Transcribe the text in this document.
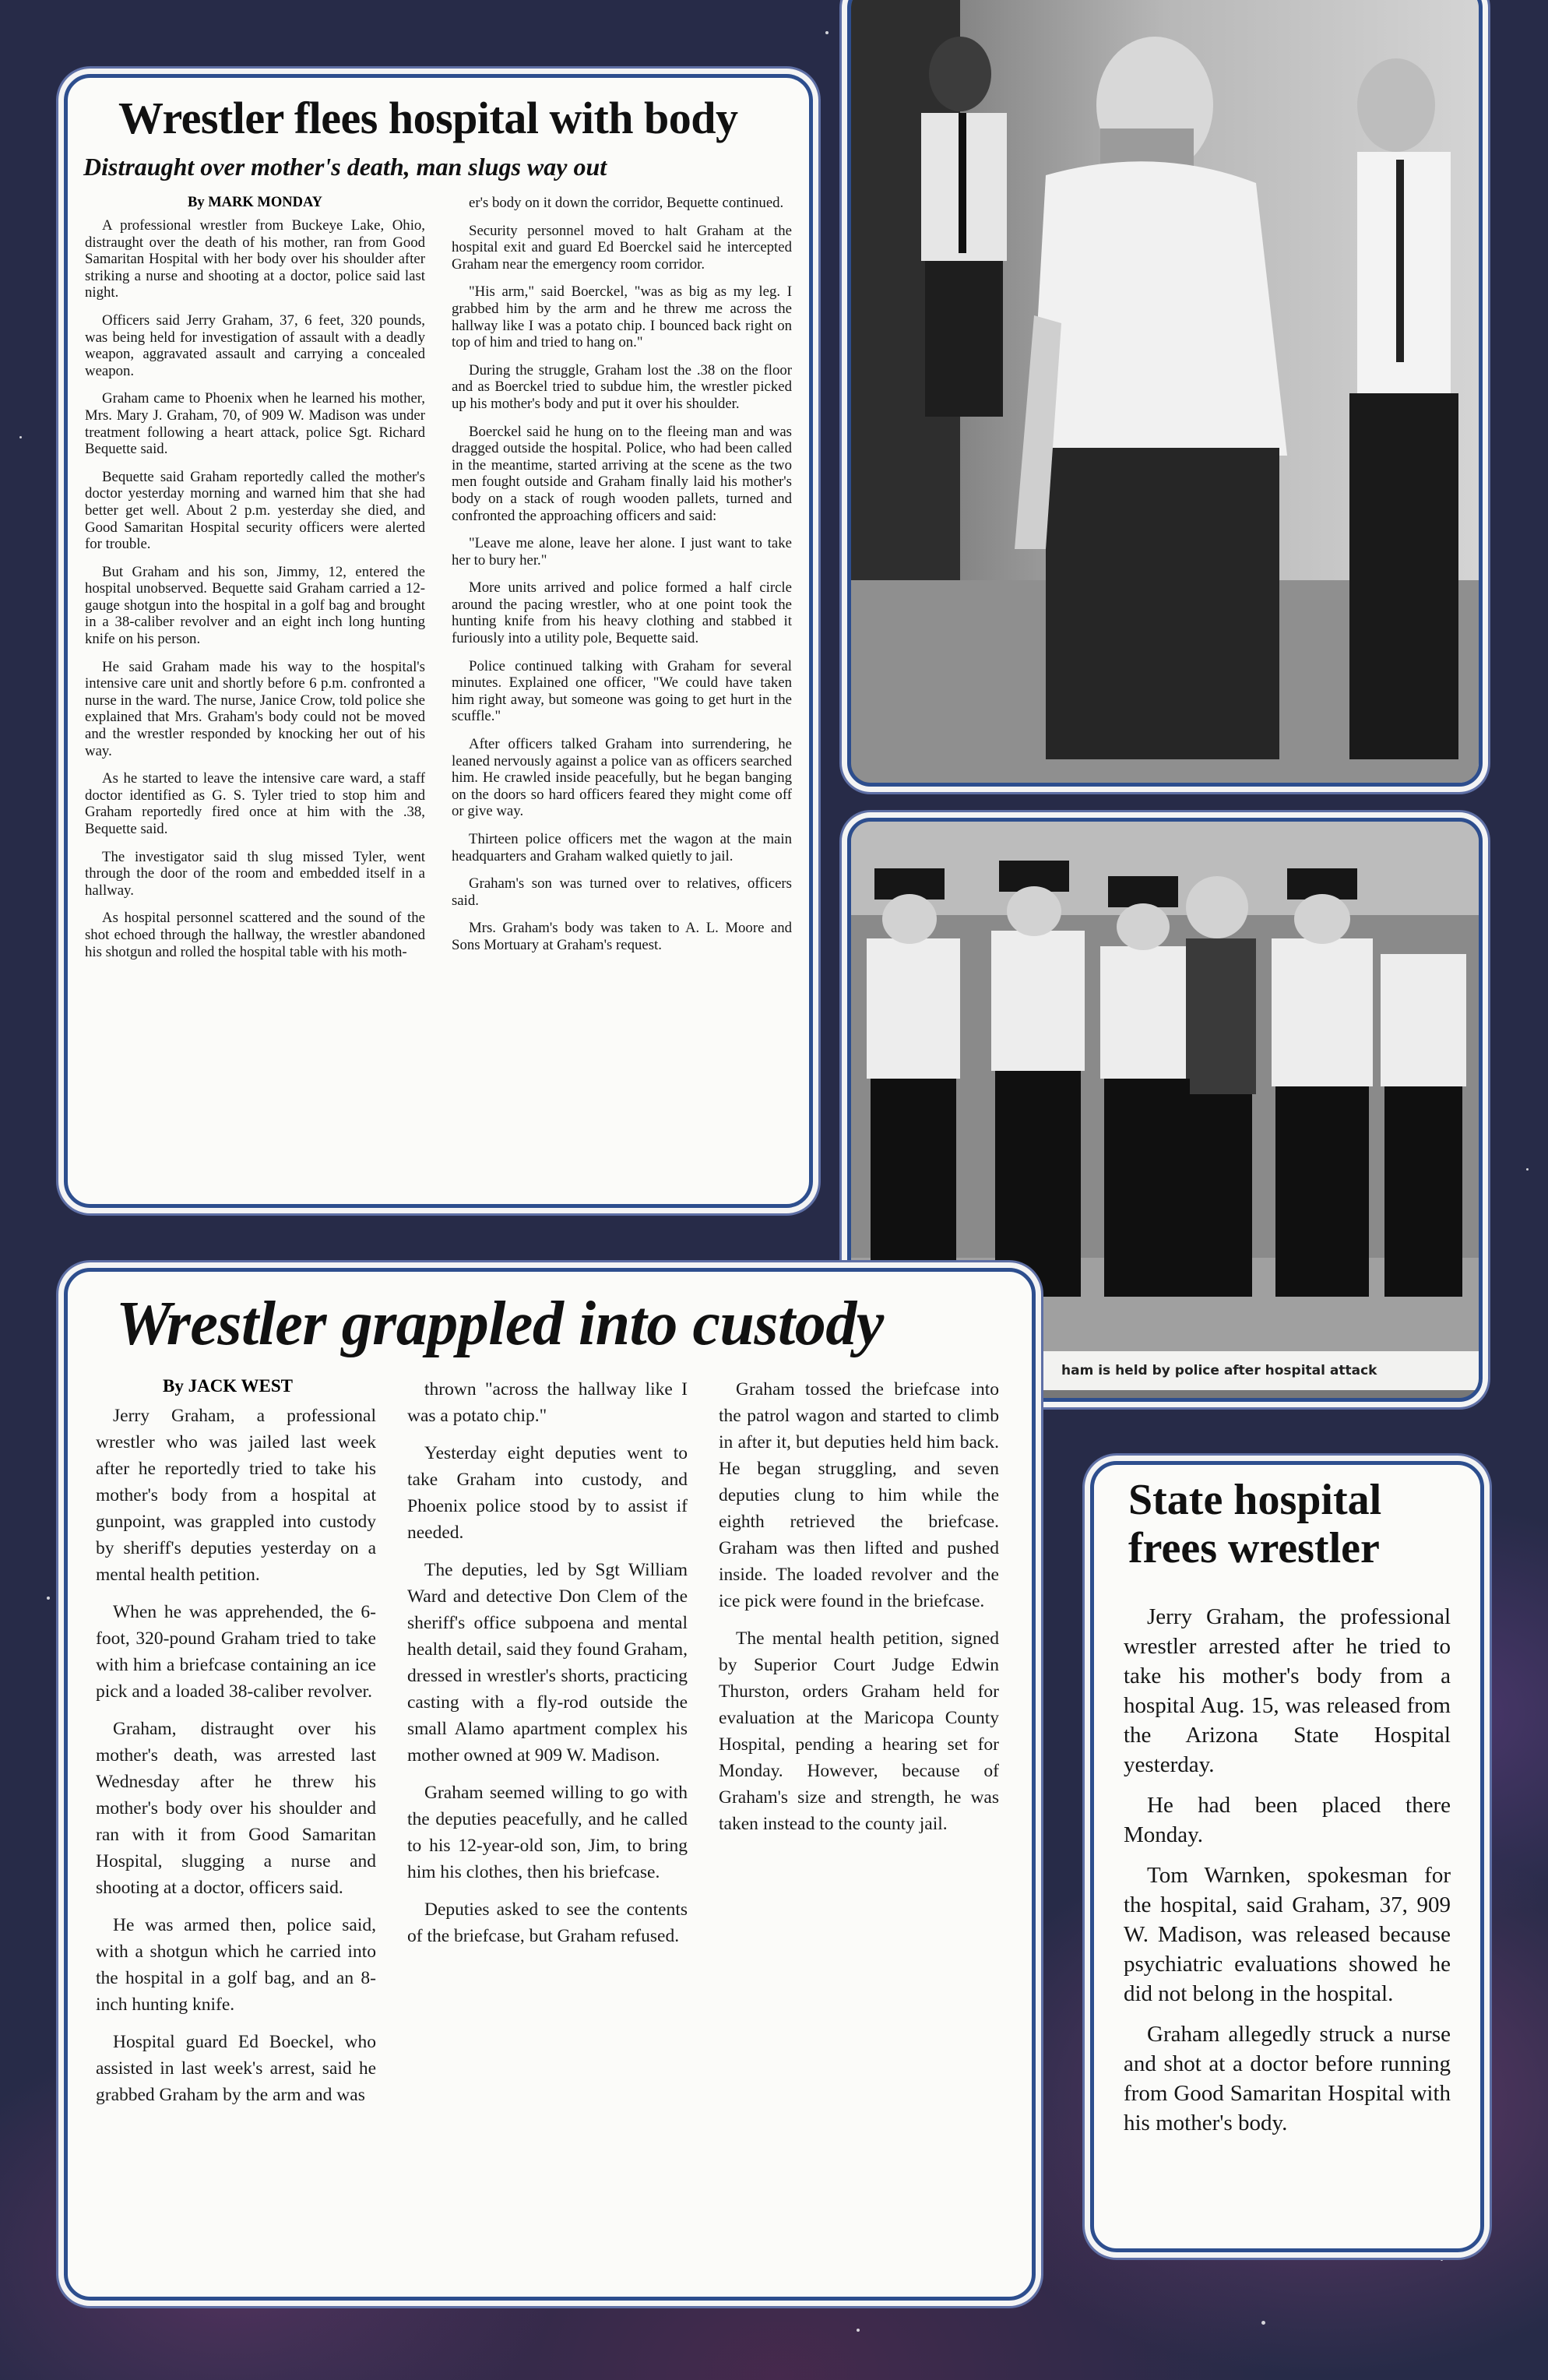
Wrestler flees hospital with body
Distraught over mother's death, man slugs way out
By MARK MONDAY

A professional wrestler from Buckeye Lake, Ohio, distraught over the death of his mother, ran from Good Samaritan Hospital with her body over his shoulder after striking a nurse and shooting at a doctor, police said last night.

Officers said Jerry Graham, 37, 6 feet, 320 pounds, was being held for investigation of assault with a deadly weapon, aggravated assault and carrying a concealed weapon.

Graham came to Phoenix when he learned his mother, Mrs. Mary J. Graham, 70, of 909 W. Madison was under treatment following a heart attack, police Sgt. Richard Bequette said.

Bequette said Graham reportedly called the mother's doctor yesterday morning and warned him that she had better get well. About 2 p.m. yesterday she died, and Good Samaritan Hospital security officers were alerted for trouble.

But Graham and his son, Jimmy, 12, entered the hospital unobserved. Bequette said Graham carried a 12-gauge shotgun into the hospital in a golf bag and brought in a 38-caliber revolver and an eight inch long hunting knife on his person.

He said Graham made his way to the hospital's intensive care unit and shortly before 6 p.m. confronted a nurse in the ward. The nurse, Janice Crow, told police she explained that Mrs. Graham's body could not be moved and the wrestler responded by knocking her out of his way.

As he started to leave the intensive care ward, a staff doctor identified as G. S. Tyler tried to stop him and Graham reportedly fired once at him with the .38, Bequette said.

The investigator said th slug missed Tyler, went through the door of the room and embedded itself in a hallway.

As hospital personnel scattered and the sound of the shot echoed through the hallway, the wrestler abandoned his shotgun and rolled the hospital table with his moth-

er's body on it down the corridor, Bequette continued.

Security personnel moved to halt Graham at the hospital exit and guard Ed Boerckel said he intercepted Graham near the emergency room corridor.

"His arm," said Boerckel, "was as big as my leg. I grabbed him by the arm and he threw me across the hallway like I was a potato chip. I bounced back right on top of him and tried to hang on."

During the struggle, Graham lost the .38 on the floor and as Boerckel tried to subdue him, the wrestler picked up his mother's body and put it over his shoulder.

Boerckel said he hung on to the fleeing man and was dragged outside the hospital. Police, who had been called in the meantime, started arriving at the scene as the two men fought outside and Graham finally laid his mother's body on a stack of rough wooden pallets, turned and confronted the approaching officers and said:

"Leave me alone, leave her alone. I just want to take her to bury her."

More units arrived and police formed a half circle around the pacing wrestler, who at one point took the hunting knife from his heavy clothing and stabbed it furiously into a utility pole, Bequette said.

Police continued talking with Graham for several minutes. Explained one officer, "We could have taken him right away, but someone was going to get hurt in the scuffle."

After officers talked Graham into surrendering, he leaned nervously against a police van as officers searched him. He crawled inside peacefully, but he began banging on the doors so hard officers feared they might come off or give way.

Thirteen police officers met the wagon at the main headquarters and Graham walked quietly to jail.

Graham's son was turned over to relatives, officers said.

Mrs. Graham's body was taken to A. L. Moore and Sons Mortuary at Graham's request.

ham is held by police after hospital attack
Wrestler grappled into custody
By JACK WEST

Jerry Graham, a professional wrestler who was jailed last week after he reportedly tried to take his mother's body from a hospital at gunpoint, was grappled into custody by sheriff's deputies yesterday on a mental health petition.

When he was apprehended, the 6-foot, 320-pound Graham tried to take with him a briefcase containing an ice pick and a loaded 38-caliber revolver.

Graham, distraught over his mother's death, was arrested last Wednesday after he threw his mother's body over his shoulder and ran with it from Good Samaritan Hospital, slugging a nurse and shooting at a doctor, officers said.

He was armed then, police said, with a shotgun which he carried into the hospital in a golf bag, and an 8-inch hunting knife.

Hospital guard Ed Boeckel, who assisted in last week's arrest, said he grabbed Graham by the arm and was

thrown "across the hallway like I was a potato chip."

Yesterday eight deputies went to take Graham into custody, and Phoenix police stood by to assist if needed.

The deputies, led by Sgt William Ward and detective Don Clem of the sheriff's office subpoena and mental health detail, said they found Graham, dressed in wrestler's shorts, practicing casting with a fly-rod outside the small Alamo apartment complex his mother owned at 909 W. Madison.

Graham seemed willing to go with the deputies peacefully, and he called to his 12-year-old son, Jim, to bring him his clothes, then his briefcase.

Deputies asked to see the contents of the briefcase, but Graham refused.

Graham tossed the briefcase into the patrol wagon and started to climb in after it, but deputies held him back. He began struggling, and seven deputies clung to him while the eighth retrieved the briefcase. Graham was then lifted and pushed inside. The loaded revolver and the ice pick were found in the briefcase.

The mental health petition, signed by Superior Court Judge Edwin Thurston, orders Graham held for evaluation at the Maricopa County Hospital, pending a hearing set for Monday. However, because of Graham's size and strength, he was taken instead to the county jail.

State hospital
frees wrestler

Jerry Graham, the professional wrestler arrested after he tried to take his mother's body from a hospital Aug. 15, was released from the Arizona State Hospital yesterday.

He had been placed there Monday.

Tom Warnken, spokesman for the hospital, said Graham, 37, 909 W. Madison, was released because psychiatric evaluations showed he did not belong in the hospital.

Graham allegedly struck a nurse and shot at a doctor before running from Good Samaritan Hospital with his mother's body.
